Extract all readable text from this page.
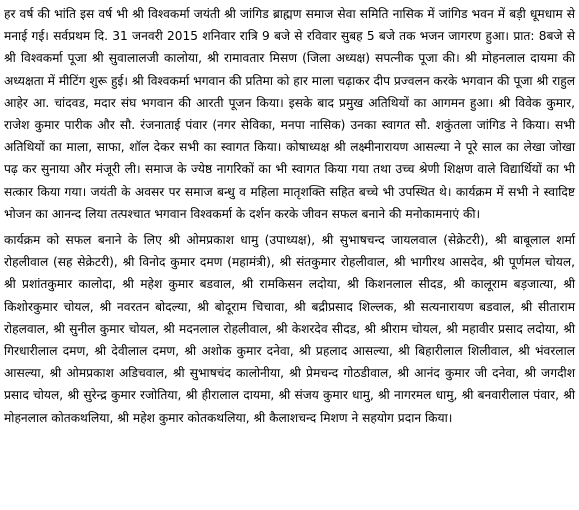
हर वर्ष की भांति इस वर्ष भी श्री विश्वकर्मा जयंती श्री जांगिड ब्राह्मण समाज सेवा समिति नासिक में जांगिड भवन में बड़ी धूमधाम से मनाई गई। सर्वप्रथम दि. 31 जनवरी 2015 शनिवार रात्रि 9 बजे से रविवार सुबह 5 बजे तक भजन जागरण हुआ। प्रात: 8बजे से श्री विश्वकर्मा पूजा श्री सुवालालजी कालोया, श्री रामावतार मिसण (जिला अध्यक्ष) सपत्नीक पूजा की। श्री मोहनलाल दायमा की अध्यक्षता में मीटिंग शुरू हुई। श्री विश्वकर्मा भगवान की प्रतिमा को हार माला चढ़ाकर दीप प्रज्वलन करके भगवान की पूजा श्री राहुल आहेर आ. चांदवड, मदार संघ भगवान की आरती पूजन किया। इसके बाद प्रमुख अतिथियों का आगमन हुआ। श्री विवेक कुमार, राजेश कुमार पारीक और सौ. रंजनाताई पंवार (नगर सेविका, मनपा नासिक) उनका स्वागत सौ. शकुंतला जांगिड ने किया। सभी अतिथियों का माला, साफा, शॉल देकर सभी का स्वागत किया। कोषाध्यक्ष श्री लक्ष्मीनारायण आसल्या ने पूरे साल का लेखा जोखा पढ़ कर सुनाया और मंजूरी ली। समाज के ज्येष्ठ नागरिकों का भी स्वागत किया गया तथा उच्च श्रेणी शिक्षण वाले विद्यार्थियों का भी सत्कार किया गया। जयंती के अवसर पर समाज बन्धु व महिला मातृशक्ति सहित बच्चे भी उपस्थित थे। कार्यक्रम में सभी ने स्वादिष्ट भोजन का आनन्द लिया तत्पश्चात भगवान विश्वकर्मा के दर्शन करके जीवन सफल बनाने की मनोकामनाएं की।

कार्यक्रम को सफल बनाने के लिए श्री ओमप्रकाश धामु (उपाध्यक्ष), श्री सुभाषचन्द जायलवाल (सेक्रेटरी), श्री बाबूलाल शर्मा रोहलीवाल (सह सेक्रेटरी), श्री विनोद कुमार दमण (महामंत्री), श्री संतकुमार रोहलीवाल, श्री भागीरथ आसदेव, श्री पूर्णमल चोयल, श्री प्रशांतकुमार कालोदा, श्री महेश कुमार बडवाल, श्री रामकिसन लदोया, श्री किशनलाल सीदड, श्री कालूराम बड़जात्या, श्री किशोरकुमार चोयल, श्री नवरतन बोदल्या, श्री बोदूराम चिचावा, श्री बद्रीप्रसाद शिल्लक, श्री सत्यनारायण बडवाल, श्री सीताराम रोहलवाल, श्री सुनील कुमार चोयल, श्री मदनलाल रोहलीवाल, श्री केशरदेव सीदड, श्री श्रीराम चोयल, श्री महावीर प्रसाद लदोया, श्री गिरधारीलाल दमण, श्री देवीलाल दमण, श्री अशोक कुमार दनेवा, श्री प्रहलाद आसल्या, श्री बिहारीलाल शिलीवाल, श्री भंवरलाल आसल्या, श्री ओमप्रकाश अडिचवाल, श्री सुभाषचंद कालोनीया, श्री प्रेमचन्द गोठडीवाल, श्री आनंद कुमार जी दनेवा, श्री जगदीश प्रसाद चोयल, श्री सुरेन्द्र कुमार रजोतिया, श्री हीरालाल दायमा, श्री संजय कुमार धामु, श्री नागरमल धामु, श्री बनवारीलाल पंवार, श्री मोहनलाल कोतकथलिया, श्री महेश कुमार कोतकथलिया, श्री कैलाशचन्द मिशण ने सहयोग प्रदान किया।
